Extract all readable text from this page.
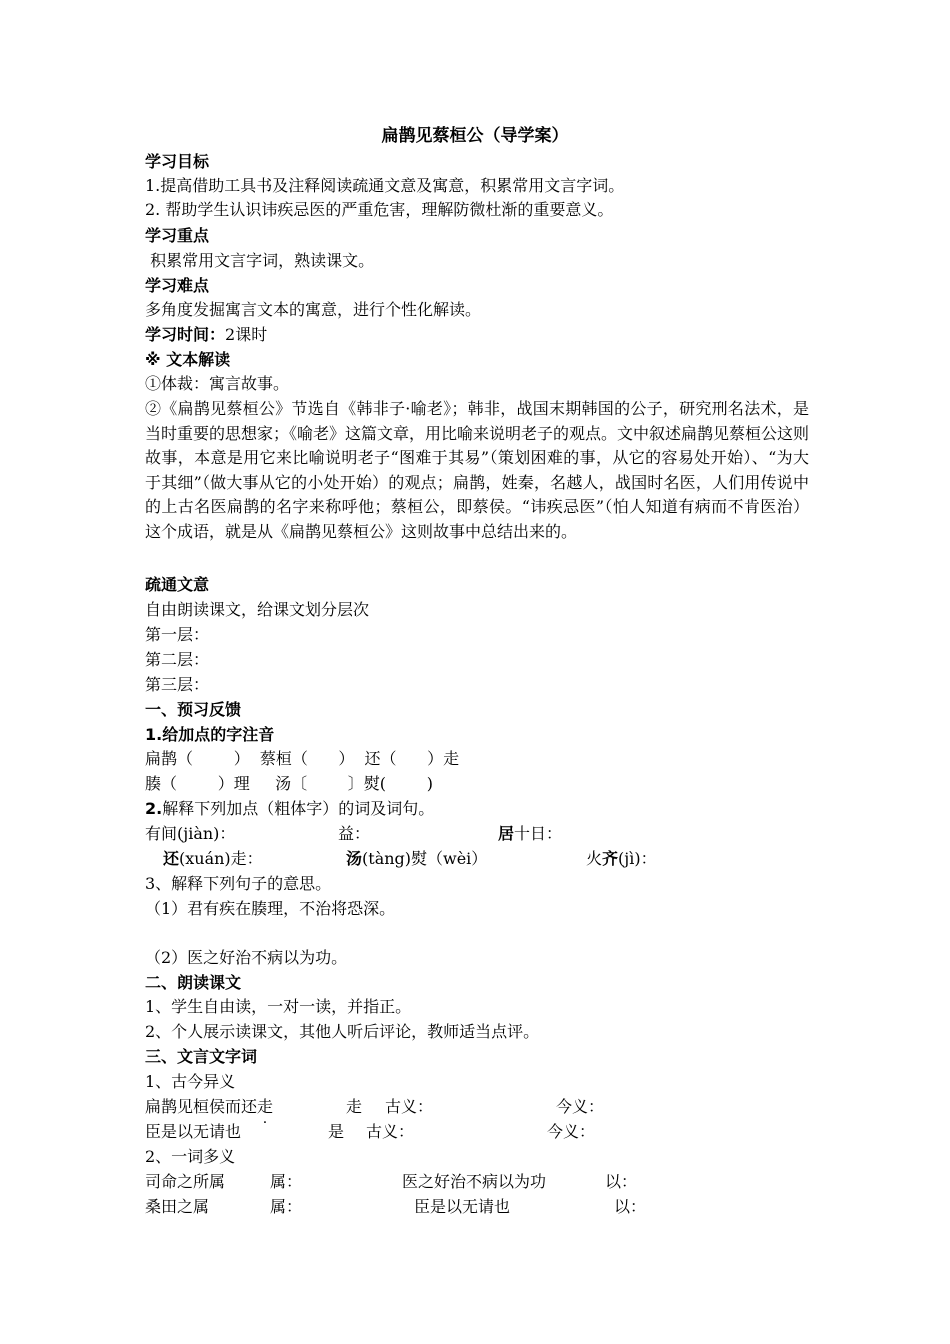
扁鹊见蔡桓公（导学案）
学习目标
1.提高借助工具书及注释阅读疏通文意及寓意，积累常用文言字词。
2. 帮助学生认识讳疾忌医的严重危害，理解防微杜渐的重要意义。
学习重点
积累常用文言字词，熟读课文。
学习难点
多角度发掘寓言文本的寓意，进行个性化解读。
学习时间：2课时
※ 文本解读
①体裁：寓言故事。
②《扁鹊见蔡桓公》节选自《韩非子·喻老》；韩非，战国末期韩国的公子，研究刑名法术，是当时重要的思想家；《喻老》这篇文章，用比喻来说明老子的观点。文中叙述扁鹊见蔡桓公这则故事，本意是用它来比喻说明老子“图难于其易”（策划困难的事，从它的容易处开始）、“为大于其细”（做大事从它的小处开始）的观点；扁鹊，姓秦，名越人，战国时名医，人们用传说中的上古名医扁鹊的名字来称呼他；蔡桓公，即蔡侯。“讳疾忌医”（怕人知道有病而不肯医治）这个成语，就是从《扁鹊见蔡桓公》这则故事中总结出来的。
疏通文意
自由朗读课文，给课文划分层次
第一层：
第二层：
第三层：
一、预习反馈
1.给加点的字注音
扁鹊（        ）  蔡桓（      ）  还（      ）走
腠（        ）理     汤〔        〕熨(        )
2.解释下列加点（粗体字）的词及词句。
有间(jiàn)：	益：	居十日：
还(xuán)走：	汤(tàng)熨（wèi）	火齐(jì)：
3、解释下列句子的意思。
（1）君有疾在腠理，不治将恐深。
（2）医之好治不病以为功。
二、朗读课文
1、学生自由读，一对一读，并指正。
2、个人展示读课文，其他人听后评论，教师适当点评。
三、文言文字词
1、古今异义
扁鹊见桓侯而还走	走 古义：	今义：
臣是以无请也	是 古义：	今义：
2、一词多义
司命之所属	属：	医之好治不病以为功	以：
桑田之属	属：	臣是以无请也	以：
